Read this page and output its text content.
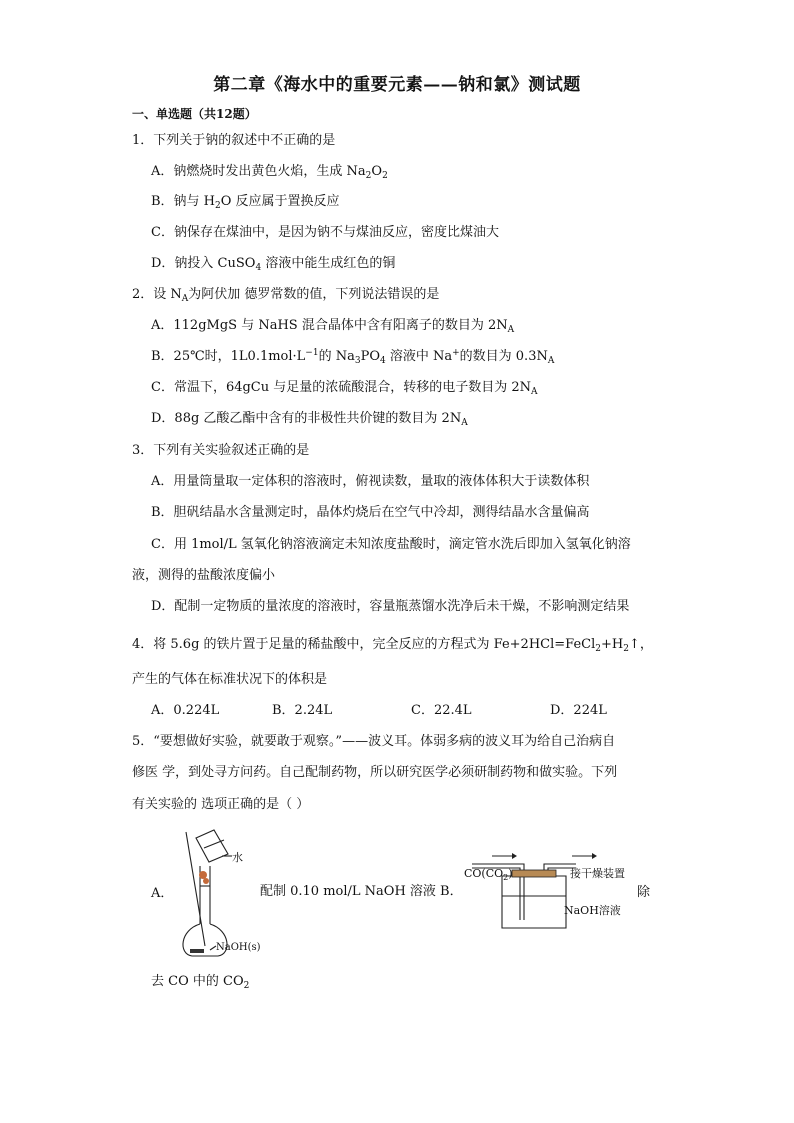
第二章《海水中的重要元素——钠和氯》测试题
一、单选题（共12题）
1．下列关于钠的叙述中不正确的是
A．钠燃烧时发出黄色火焰，生成 $Na_2O_2$
B．钠与 $H_2O$ 反应属于置换反应
C．钠保存在煤油中，是因为钠不与煤油反应，密度比煤油大
D．钠投入 CuSO$_4$ 溶液中能生成红色的铜
2．设 $N_A$为阿伏加 德罗常数的值，下列说法错误的是
A．112gMgS 与 NaHS 混合晶体中含有阳离子的数目为 $2N_A$
B．25℃时，$1L0.1mol\cdot L^{-1}$的 $Na_3PO_4$ 溶液中 Na+的数目为 $0.3N_A$
C．常温下，64gCu 与足量的浓硫酸混合，转移的电子数目为 $2N_A$
D．88g 乙酸乙酯中含有的非极性共价键的数目为 $2N_A$
3．下列有关实验叙述正确的是
A．用量筒量取一定体积的溶液时，俯视读数，量取的液体体积大于读数体积
B．胆矾结晶水含量测定时，晶体灼烧后在空气中冷却，测得结晶水含量偏高
C．用 1mol/L 氢氧化钠溶液滴定未知浓度盐酸时，滴定管水洗后即加入氢氧化钠溶
液，测得的盐酸浓度偏小
D．配制一定物质的量浓度的溶液时，容量瓶蒸馏水洗净后未干燥，不影响测定结果
4．将 5.6g 的铁片置于足量的稀盐酸中，完全反应的方程式为 $Fe+2HCl=FeCl_2+H_2↑$，
产生的气体在标准状况下的体积是
A．0.224L	B．2.24L	C．22.4L	D．224L
5．“要想做好实验，就要敢于观察。”——波义耳。体弱多病的波义耳为给自己治病自
修医 学，到处寻方问药。自己配制药物，所以研究医学必须研制药物和做实验。下列
有关实验的 选项正确的是（ ）
A．	配制 0.10 mol/L NaOH 溶液 B．	除
去 CO 中的 $CO_2$
水
NaOH(s)
$CO(CO_2)$	接干燥装置
NaOH溶液
